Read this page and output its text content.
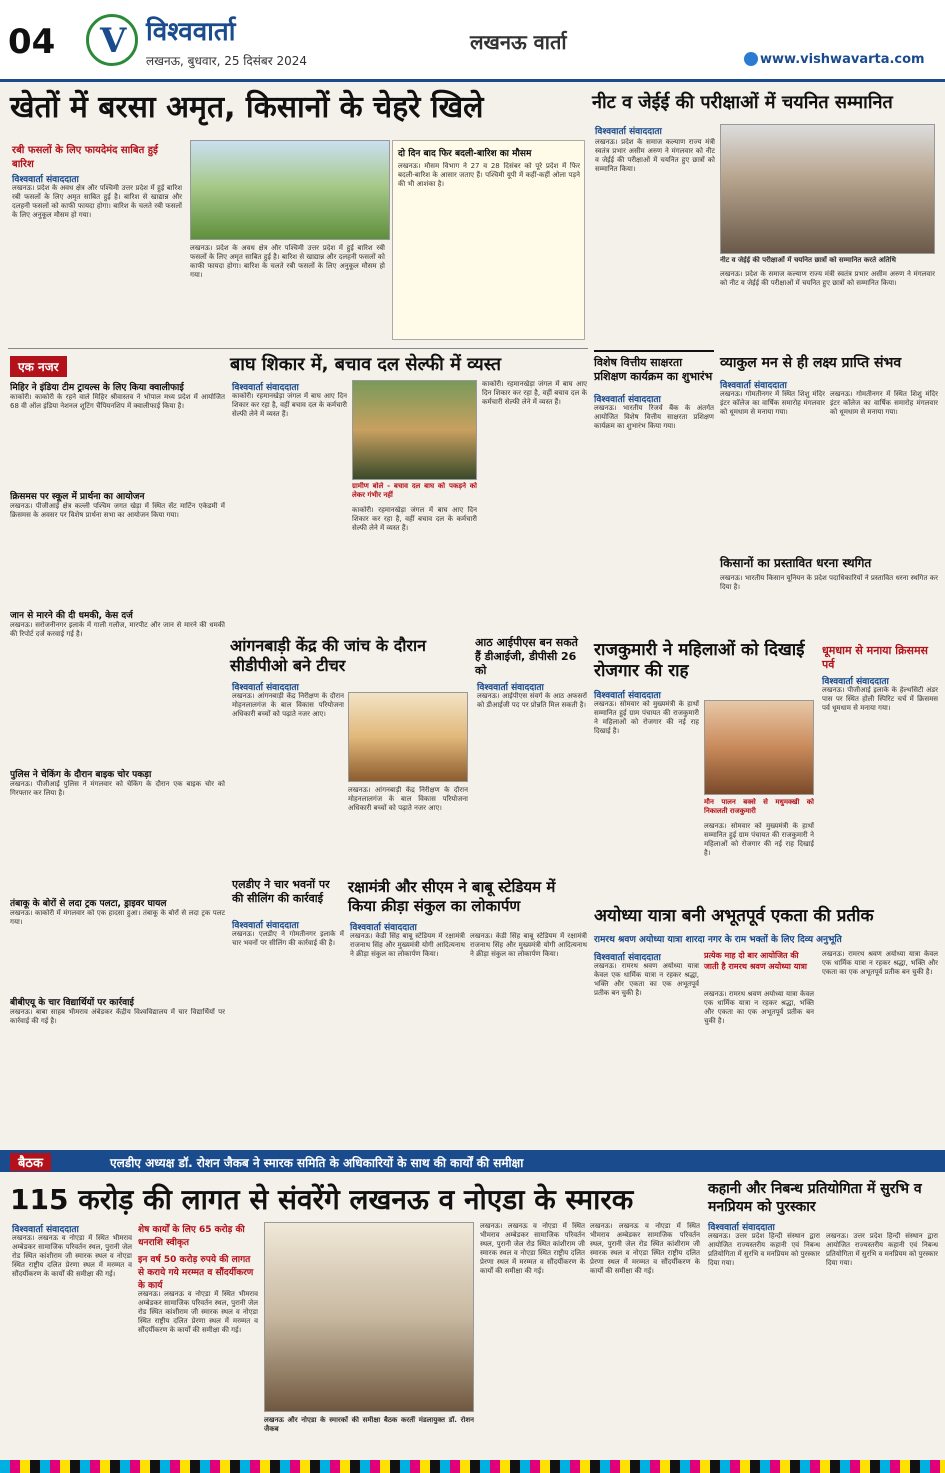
04
V	विश्ववार्ता
लखनऊ, बुधवार, 25 दिसंबर 2024
लखनऊ वार्ता
www.vishwavarta.com
खेतों में बरसा अमृत, किसानों के चेहरे खिले
रबी फसलों के लिए फायदेमंद साबित हुई बारिश
विश्ववार्ता संवाददाता
लखनऊ। प्रदेश के अवध क्षेत्र और पश्चिमी उत्तर प्रदेश में हुई बारिश रबी फसलों के लिए अमृत साबित हुई है। बारिश से खाद्यान्न और दलहनी फसलों को काफी फायदा होगा। बारिश के चलते रबी फसलों के लिए अनुकूल मौसम हो गया।
लखनऊ। प्रदेश के अवध क्षेत्र और पश्चिमी उत्तर प्रदेश में हुई बारिश रबी फसलों के लिए अमृत साबित हुई है। बारिश से खाद्यान्न और दलहनी फसलों को काफी फायदा होगा। बारिश के चलते रबी फसलों के लिए अनुकूल मौसम हो गया।
दो दिन बाद फिर बदली-बारिश का मौसम
लखनऊ। मौसम विभाग ने 27 व 28 दिसंबर को पूरे प्रदेश में फिर बदली-बारिश के आसार जताए हैं। पश्चिमी यूपी में कहीं-कहीं ओला पड़ने की भी आशंका है।
नीट व जेईई की परीक्षाओं में चयनित सम्मानित
विश्ववार्ता संवाददाता
लखनऊ। प्रदेश के समाज कल्याण राज्य मंत्री स्वतंत्र प्रभार असीम अरुण ने मंगलवार को नीट व जेईई की परीक्षाओं में चयनित हुए छात्रों को सम्मानित किया।
नीट व जेईई की परीक्षाओं में चयनित छात्रों को सम्मानित करते अतिथि
लखनऊ। प्रदेश के समाज कल्याण राज्य मंत्री स्वतंत्र प्रभार असीम अरुण ने मंगलवार को नीट व जेईई की परीक्षाओं में चयनित हुए छात्रों को सम्मानित किया।
एक नजर
मिहिर ने इंडिया टीम ट्रायल्स के लिए किया क्वालीफाई
काकोरी। काकोरी के रहने वाले मिहिर श्रीवास्तव ने भोपाल मध्य प्रदेश में आयोजित 68 वी ऑल इंडिया नेशनल शूटिंग चैंपियनशिप में क्वालीफाई किया है।
क्रिसमस पर स्कूल में प्रार्थना का आयोजन
लखनऊ। पीजीआई क्षेत्र कल्ली पश्चिम जगत खेड़ा में स्थित सेंट मार्टिन एकेडमी में क्रिसमस के अवसर पर विशेष प्रार्थना सभा का आयोजन किया गया।
जान से मारने की दी धमकी, केस दर्ज
लखनऊ। सरोजनीनगर इलाके में गाली गलौज, मारपीट और जान से मारने की धमकी की रिपोर्ट दर्ज करवाई गई है।
पुलिस ने चेकिंग के दौरान बाइक चोर पकड़ा
लखनऊ। पीजीआई पुलिस ने मंगलवार को चेकिंग के दौरान एक बाइक चोर को गिरफ्तार कर लिया है।
तंबाकू के बोरों से लदा ट्रक पलटा, ड्राइवर घायल
लखनऊ। काकोरी में मंगलवार को एक हादसा हुआ। तंबाकू के बोरों से लदा ट्रक पलट गया।
बीबीएयू के चार विद्यार्थियों पर कार्रवाई
लखनऊ। बाबा साहब भीमराव अंबेडकर केंद्रीय विश्वविद्यालय में चार विद्यार्थियों पर कार्रवाई की गई है।
बाघ शिकार में, बचाव दल सेल्फी में व्यस्त
विश्ववार्ता संवाददाता
काकोरी। रहमानखेड़ा जंगल में बाघ आए दिन शिकार कर रहा है, वहीं बचाव दल के कर्मचारी सेल्फी लेने में व्यस्त हैं।
ग्रामीण बोले - बचाव दल बाघ को पकड़ने को लेकर गंभीर नहीं
काकोरी। रहमानखेड़ा जंगल में बाघ आए दिन शिकार कर रहा है, वहीं बचाव दल के कर्मचारी सेल्फी लेने में व्यस्त हैं।
काकोरी। रहमानखेड़ा जंगल में बाघ आए दिन शिकार कर रहा है, वहीं बचाव दल के कर्मचारी सेल्फी लेने में व्यस्त हैं।
आंगनबाड़ी केंद्र की जांच के दौरान सीडीपीओ बने टीचर
विश्ववार्ता संवाददाता
लखनऊ। आंगनबाड़ी केंद्र निरीक्षण के दौरान मोहनलालगंज के बाल विकास परियोजना अधिकारी बच्चों को पढ़ाते नजर आए।
लखनऊ। आंगनबाड़ी केंद्र निरीक्षण के दौरान मोहनलालगंज के बाल विकास परियोजना अधिकारी बच्चों को पढ़ाते नजर आए।
आठ आईपीएस बन सकते हैं डीआईजी, डीपीसी 26 को
विश्ववार्ता संवाददाता
लखनऊ। आईपीएस संवर्ग के आठ अफसरों को डीआईजी पद पर प्रोन्नति मिल सकती है।
एलडीए ने चार भवनों पर की सीलिंग की कार्रवाई
विश्ववार्ता संवाददाता
लखनऊ। एलडीए ने गोमतीनगर इलाके में चार भवनों पर सीलिंग की कार्रवाई की है।
रक्षामंत्री और सीएम ने बाबू स्टेडियम में किया क्रीड़ा संकुल का लोकार्पण
विश्ववार्ता संवाददाता
लखनऊ। केडी सिंह बाबू स्टेडियम में रक्षामंत्री राजनाथ सिंह और मुख्यमंत्री योगी आदित्यनाथ ने क्रीड़ा संकुल का लोकार्पण किया।
लखनऊ। केडी सिंह बाबू स्टेडियम में रक्षामंत्री राजनाथ सिंह और मुख्यमंत्री योगी आदित्यनाथ ने क्रीड़ा संकुल का लोकार्पण किया।
विशेष वित्तीय साक्षरता प्रशिक्षण कार्यक्रम का शुभारंभ
विश्ववार्ता संवाददाता
लखनऊ। भारतीय रिजर्व बैंक के अंतर्गत आयोजित विशेष वित्तीय साक्षरता प्रशिक्षण कार्यक्रम का शुभारंभ किया गया।
व्याकुल मन से ही लक्ष्य प्राप्ति संभव
विश्ववार्ता संवाददाता
लखनऊ। गोमतीनगर में स्थित शिशु मंदिर इंटर कॉलेज का वार्षिक समारोह मंगलवार को धूमधाम से मनाया गया।
लखनऊ। गोमतीनगर में स्थित शिशु मंदिर इंटर कॉलेज का वार्षिक समारोह मंगलवार को धूमधाम से मनाया गया।
किसानों का प्रस्तावित धरना स्थगित
लखनऊ। भारतीय किसान यूनियन के प्रदेश पदाधिकारियों ने प्रस्तावित धरना स्थगित कर दिया है।
राजकुमारी ने महिलाओं को दिखाई रोजगार की राह
विश्ववार्ता संवाददाता
लखनऊ। सोमवार को मुख्यमंत्री के हाथों सम्मानित हुई ग्राम पंचायत की राजकुमारी ने महिलाओं को रोजगार की नई राह दिखाई है।
मौन पालन बक्से से मधुमक्खी को निकालती राजकुमारी
लखनऊ। सोमवार को मुख्यमंत्री के हाथों सम्मानित हुई ग्राम पंचायत की राजकुमारी ने महिलाओं को रोजगार की नई राह दिखाई है।
धूमधाम से मनाया क्रिसमस पर्व
विश्ववार्ता संवाददाता
लखनऊ। पीजीआई इलाके के हेल्थसिटी अंडर पास पर स्थित होली स्पिरिट चर्च में क्रिसमस पर्व धूमधाम से मनाया गया।
अयोध्या यात्रा बनी अभूतपूर्व एकता की प्रतीक
रामरथ श्रवण अयोध्या यात्रा शारदा नगर के राम भक्तों के लिए दिव्य अनुभूति
प्रत्येक माह दो बार आयोजित की जाती है रामरथ श्रवण अयोध्या यात्रा
विश्ववार्ता संवाददाता
लखनऊ। रामरथ श्रवण अयोध्या यात्रा केवल एक धार्मिक यात्रा न रहकर श्रद्धा, भक्ति और एकता का एक अभूतपूर्व प्रतीक बन चुकी है।	लखनऊ। रामरथ श्रवण अयोध्या यात्रा केवल एक धार्मिक यात्रा न रहकर श्रद्धा, भक्ति और एकता का एक अभूतपूर्व प्रतीक बन चुकी है।
लखनऊ। रामरथ श्रवण अयोध्या यात्रा केवल एक धार्मिक यात्रा न रहकर श्रद्धा, भक्ति और एकता का एक अभूतपूर्व प्रतीक बन चुकी है।
बैठक	एलडीए अध्यक्ष डॉ. रोशन जैकब ने स्मारक समिति के अधिकारियों के साथ की कार्यों की समीक्षा
115 करोड़ की लागत से संवरेंगे लखनऊ व नोएडा के स्मारक
विश्ववार्ता संवाददाता
लखनऊ। लखनऊ व नोएडा में स्थित भीमराव अम्बेडकर सामाजिक परिवर्तन स्थल, पुरानी जेल रोड स्थित कांशीराम जी स्मारक स्थल व नोएडा स्थित राष्ट्रीय दलित प्रेरणा स्थल में मरम्मत व सौंदर्यीकरण के कार्यों की समीक्षा की गई।
शेष कार्यों के लिए 65 करोड़ की धनराशि स्वीकृत
इन वर्ष 50 करोड़ रुपये की लागत से कराये गये मरम्मत व सौंदर्यीकरण के कार्य
लखनऊ। लखनऊ व नोएडा में स्थित भीमराव अम्बेडकर सामाजिक परिवर्तन स्थल, पुरानी जेल रोड स्थित कांशीराम जी स्मारक स्थल व नोएडा स्थित राष्ट्रीय दलित प्रेरणा स्थल में मरम्मत व सौंदर्यीकरण के कार्यों की समीक्षा की गई।
लखनऊ और नोएडा के स्मारकों की समीक्षा बैठक करतीं मंडलायुक्त डॉ. रोशन जैकब
लखनऊ। लखनऊ व नोएडा में स्थित भीमराव अम्बेडकर सामाजिक परिवर्तन स्थल, पुरानी जेल रोड स्थित कांशीराम जी स्मारक स्थल व नोएडा स्थित राष्ट्रीय दलित प्रेरणा स्थल में मरम्मत व सौंदर्यीकरण के कार्यों की समीक्षा की गई।
लखनऊ। लखनऊ व नोएडा में स्थित भीमराव अम्बेडकर सामाजिक परिवर्तन स्थल, पुरानी जेल रोड स्थित कांशीराम जी स्मारक स्थल व नोएडा स्थित राष्ट्रीय दलित प्रेरणा स्थल में मरम्मत व सौंदर्यीकरण के कार्यों की समीक्षा की गई।
कहानी और निबन्ध प्रतियोगिता में सुरभि व मनप्रियम को पुरस्कार
विश्ववार्ता संवाददाता
लखनऊ। उत्तर प्रदेश हिन्दी संस्थान द्वारा आयोजित राज्यस्तरीय कहानी एवं निबन्ध प्रतियोगिता में सुरभि व मनप्रियम को पुरस्कार दिया गया।
लखनऊ। उत्तर प्रदेश हिन्दी संस्थान द्वारा आयोजित राज्यस्तरीय कहानी एवं निबन्ध प्रतियोगिता में सुरभि व मनप्रियम को पुरस्कार दिया गया।
